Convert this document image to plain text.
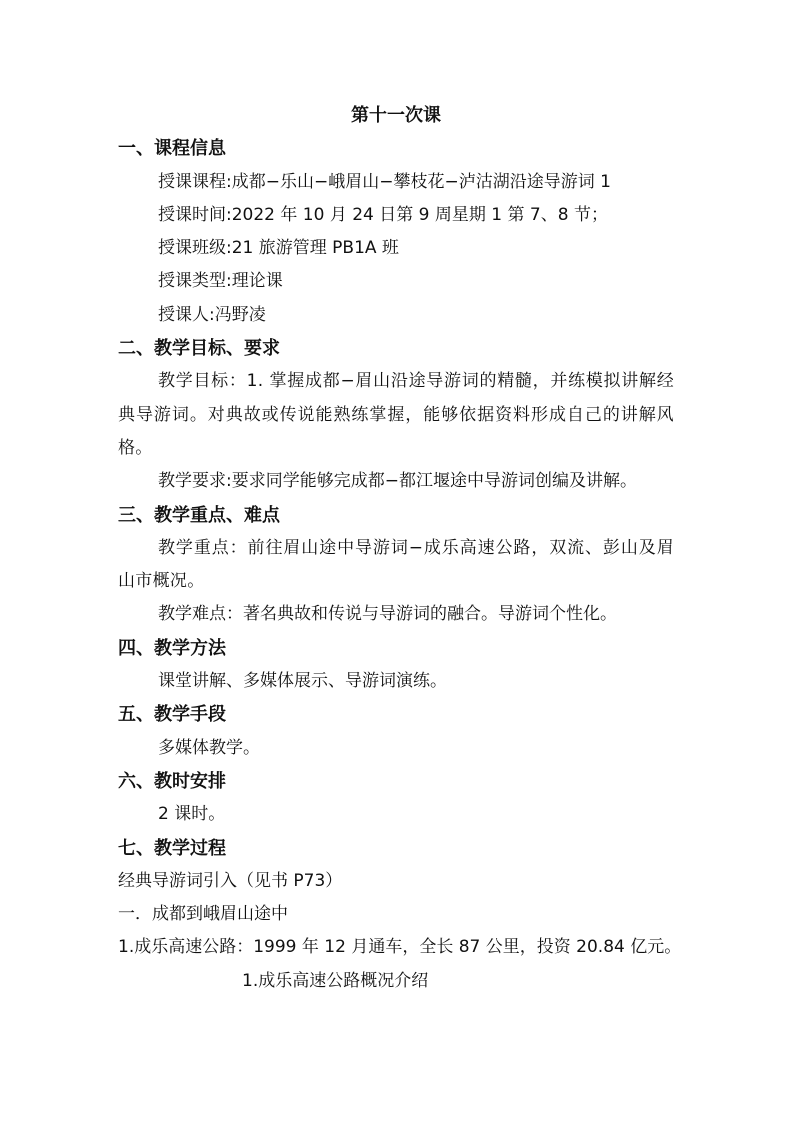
第十一次课
一、课程信息
授课课程:成都−乐山−峨眉山−攀枝花−泸沽湖沿途导游词 1
授课时间:2022 年 10 月 24 日第 9 周星期 1 第 7、8 节；
授课班级:21 旅游管理 PB1A 班
授课类型:理论课
授课人:冯野凌
二、教学目标、要求
教学目标：1. 掌握成都−眉山沿途导游词的精髓，并练模拟讲解经典导游词。对典故或传说能熟练掌握，能够依据资料形成自己的讲解风格。
教学要求:要求同学能够完成都−都江堰途中导游词创编及讲解。
三、教学重点、难点
教学重点：前往眉山途中导游词−成乐高速公路，双流、彭山及眉山市概况。
教学难点：著名典故和传说与导游词的融合。导游词个性化。
四、教学方法
课堂讲解、多媒体展示、导游词演练。
五、教学手段
多媒体教学。
六、教时安排
2 课时。
七、教学过程
经典导游词引入（见书 P73）
一．成都到峨眉山途中
1.成乐高速公路：1999 年 12 月通车，全长 87 公里，投资 20.84 亿元。
1.成乐高速公路概况介绍
